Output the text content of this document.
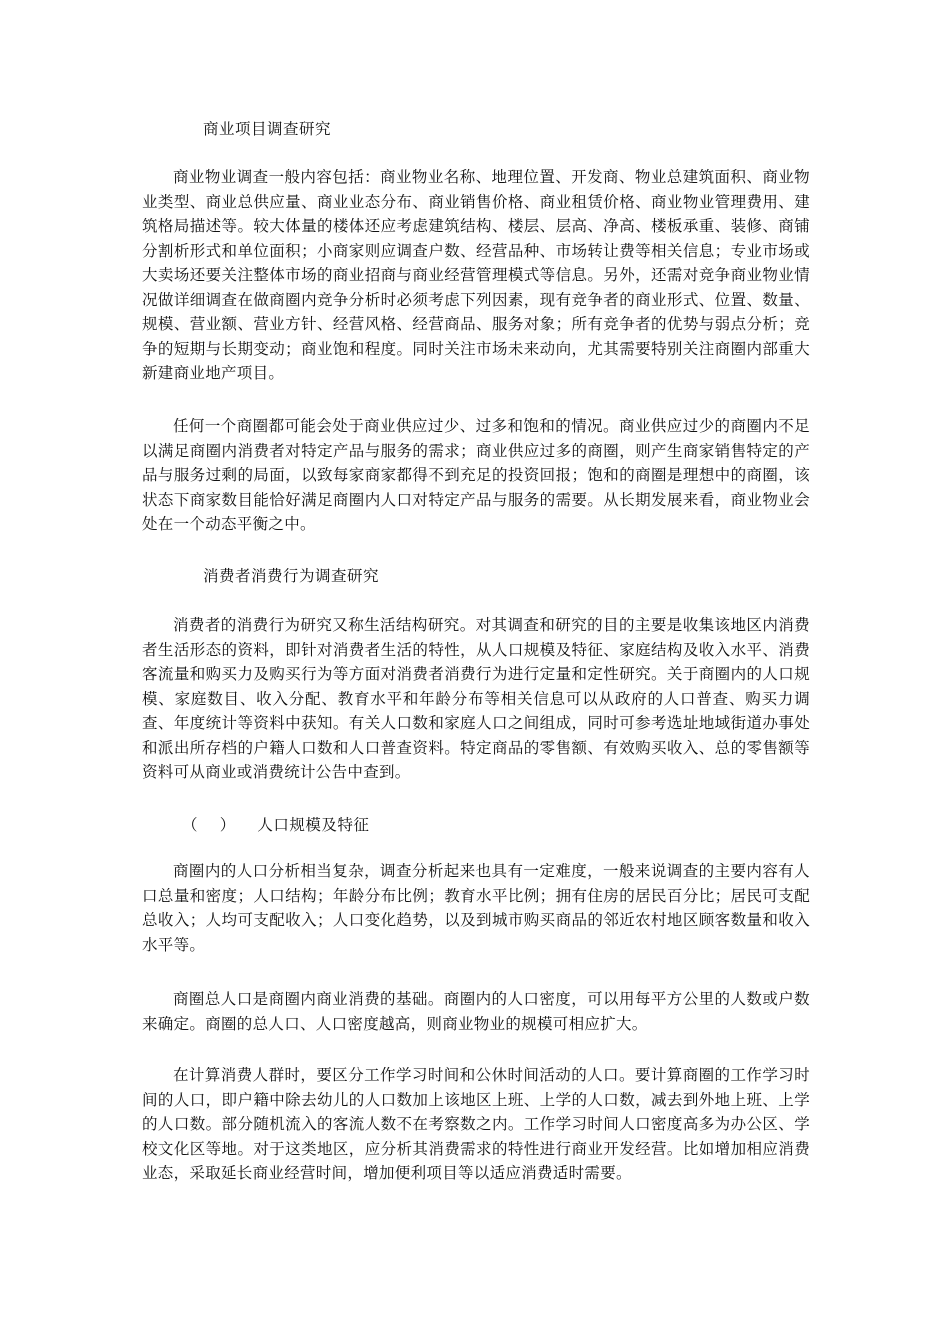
商业项目调查研究
商业物业调查一般内容包括：商业物业名称、地理位置、开发商、物业总建筑面积、商业物业类型、商业总供应量、商业业态分布、商业销售价格、商业租赁价格、商业物业管理费用、建筑格局描述等。较大体量的楼体还应考虑建筑结构、楼层、层高、净高、楼板承重、装修、商铺分割析形式和单位面积；小商家则应调查户数、经营品种、市场转让费等相关信息；专业市场或大卖场还要关注整体市场的商业招商与商业经营管理模式等信息。另外，还需对竞争商业物业情况做详细调查在做商圈内竞争分析时必须考虑下列因素，现有竞争者的商业形式、位置、数量、规模、营业额、营业方针、经营风格、经营商品、服务对象；所有竞争者的优势与弱点分析；竞争的短期与长期变动；商业饱和程度。同时关注市场未来动向，尤其需要特别关注商圈内部重大新建商业地产项目。
任何一个商圈都可能会处于商业供应过少、过多和饱和的情况。商业供应过少的商圈内不足以满足商圈内消费者对特定产品与服务的需求；商业供应过多的商圈，则产生商家销售特定的产品与服务过剩的局面，以致每家商家都得不到充足的投资回报；饱和的商圈是理想中的商圈，该状态下商家数目能恰好满足商圈内人口对特定产品与服务的需要。从长期发展来看，商业物业会处在一个动态平衡之中。
消费者消费行为调查研究
消费者的消费行为研究又称生活结构研究。对其调查和研究的目的主要是收集该地区内消费者生活形态的资料，即针对消费者生活的特性，从人口规模及特征、家庭结构及收入水平、消费客流量和购买力及购买行为等方面对消费者消费行为进行定量和定性研究。关于商圈内的人口规模、家庭数目、收入分配、教育水平和年龄分布等相关信息可以从政府的人口普查、购买力调查、年度统计等资料中获知。有关人口数和家庭人口之间组成，同时可参考选址地域街道办事处和派出所存档的户籍人口数和人口普查资料。特定商品的零售额、有效购买收入、总的零售额等资料可从商业或消费统计公告中查到。
（    ）    人口规模及特征
商圈内的人口分析相当复杂，调查分析起来也具有一定难度，一般来说调查的主要内容有人口总量和密度；人口结构；年龄分布比例；教育水平比例；拥有住房的居民百分比；居民可支配总收入；人均可支配收入；人口变化趋势，以及到城市购买商品的邻近农村地区顾客数量和收入水平等。
商圈总人口是商圈内商业消费的基础。商圈内的人口密度，可以用每平方公里的人数或户数来确定。商圈的总人口、人口密度越高，则商业物业的规模可相应扩大。
在计算消费人群时，要区分工作学习时间和公休时间活动的人口。要计算商圈的工作学习时间的人口，即户籍中除去幼儿的人口数加上该地区上班、上学的人口数，减去到外地上班、上学的人口数。部分随机流入的客流人数不在考察数之内。工作学习时间人口密度高多为办公区、学校文化区等地。对于这类地区，应分析其消费需求的特性进行商业开发经营。比如增加相应消费业态，采取延长商业经营时间，增加便利项目等以适应消费适时需要。
